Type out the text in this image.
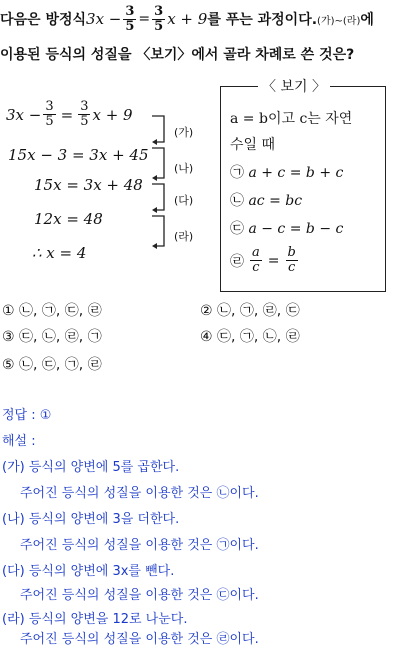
다음은 방정식 $3x - \frac{3}{5} = \frac{3}{5}$ x + 9 를 푸는 과정이다. (가)~(라) 에
이용된 등식의 성질을 〈보기〉에서 골라 차례로 쓴 것은?
$3x - \frac{3}{5} = \frac{3}{5}$ x + 9
15x − 3 = 3x + 45
15x = 3x + 48
12x = 48
∴ x = 4
(가)
(나)
(다)
(라)
〈 보기 〉
a = b이고 c는 자연
수일 때
㉠ a + c = b + c
㉡ ac = bc
㉢ a − c = b − c
㉣ $\frac{a}{c} = \frac{b}{c}$
① ㉡, ㉠, ㉢, ㉣	② ㉡, ㉠, ㉣, ㉢
③ ㉢, ㉡, ㉣, ㉠	④ ㉢, ㉠, ㉡, ㉣
⑤ ㉡, ㉢, ㉠, ㉣
정답 : ①
해설 :
(가) 등식의 양변에 5를 곱한다.
주어진 등식의 성질을 이용한 것은 ㉡이다.
(나) 등식의 양변에 3을 더한다.
주어진 등식의 성질을 이용한 것은 ㉠이다.
(다) 등식의 양변에 3x를 뺀다.
주어진 등식의 성질을 이용한 것은 ㉢이다.
(라) 등식의 양변을 12로 나눈다.
주어진 등식의 성질을 이용한 것은 ㉣이다.
